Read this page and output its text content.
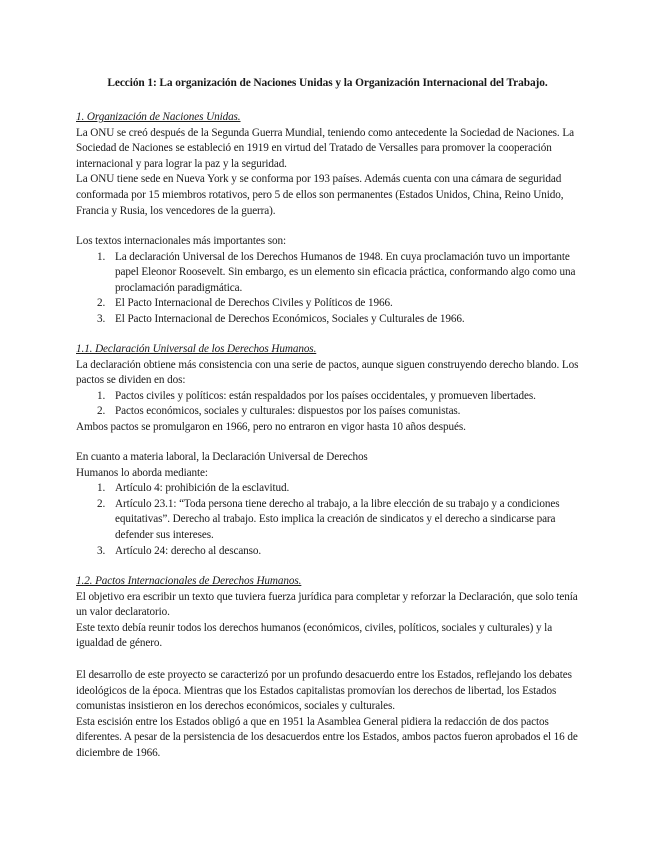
Lección 1: La organización de Naciones Unidas y la Organización Internacional del Trabajo.

1. Organización de Naciones Unidas.

La ONU se creó después de la Segunda Guerra Mundial, teniendo como antecedente la Sociedad de Naciones. La Sociedad de Naciones se estableció en 1919 en virtud del Tratado de Versalles para promover la cooperación internacional y para lograr la paz y la seguridad.

La ONU tiene sede en Nueva York y se conforma por 193 países. Además cuenta con una cámara de seguridad conformada por 15 miembros rotativos, pero 5 de ellos son permanentes (Estados Unidos, China, Reino Unido, Francia y Rusia, los vencedores de la guerra).

Los textos internacionales más importantes son:

1. La declaración Universal de los Derechos Humanos de 1948. En cuya proclamación tuvo un importante papel Eleonor Roosevelt. Sin embargo, es un elemento sin eficacia práctica, conformando algo como una proclamación paradigmática.
2. El Pacto Internacional de Derechos Civiles y Políticos de 1966.
3. El Pacto Internacional de Derechos Económicos, Sociales y Culturales de 1966.

1.1. Declaración Universal de los Derechos Humanos.

La declaración obtiene más consistencia con una serie de pactos, aunque siguen construyendo derecho blando. Los pactos se dividen en dos:

1. Pactos civiles y políticos: están respaldados por los países occidentales, y promueven libertades.
2. Pactos económicos, sociales y culturales: dispuestos por los países comunistas.

Ambos pactos se promulgaron en 1966, pero no entraron en vigor hasta 10 años después.

En cuanto a materia laboral, la Declaración Universal de Derechos

Humanos lo aborda mediante:

1. Artículo 4: prohibición de la esclavitud.
2. Artículo 23.1: “Toda persona tiene derecho al trabajo, a la libre elección de su trabajo y a condiciones equitativas”. Derecho al trabajo. Esto implica la creación de sindicatos y el derecho a sindicarse para defender sus intereses.
3. Artículo 24: derecho al descanso.

1.2. Pactos Internacionales de Derechos Humanos.

El objetivo era escribir un texto que tuviera fuerza jurídica para completar y reforzar la Declaración, que solo tenía un valor declaratorio.

Este texto debía reunir todos los derechos humanos (económicos, civiles, políticos, sociales y culturales) y la igualdad de género.

El desarrollo de este proyecto se caracterizó por un profundo desacuerdo entre los Estados, reflejando los debates ideológicos de la época. Mientras que los Estados capitalistas promovían los derechos de libertad, los Estados comunistas insistieron en los derechos económicos, sociales y culturales.

Esta escisión entre los Estados obligó a que en 1951 la Asamblea General pidiera la redacción de dos pactos diferentes. A pesar de la persistencia de los desacuerdos entre los Estados, ambos pactos fueron aprobados el 16 de diciembre de 1966.
